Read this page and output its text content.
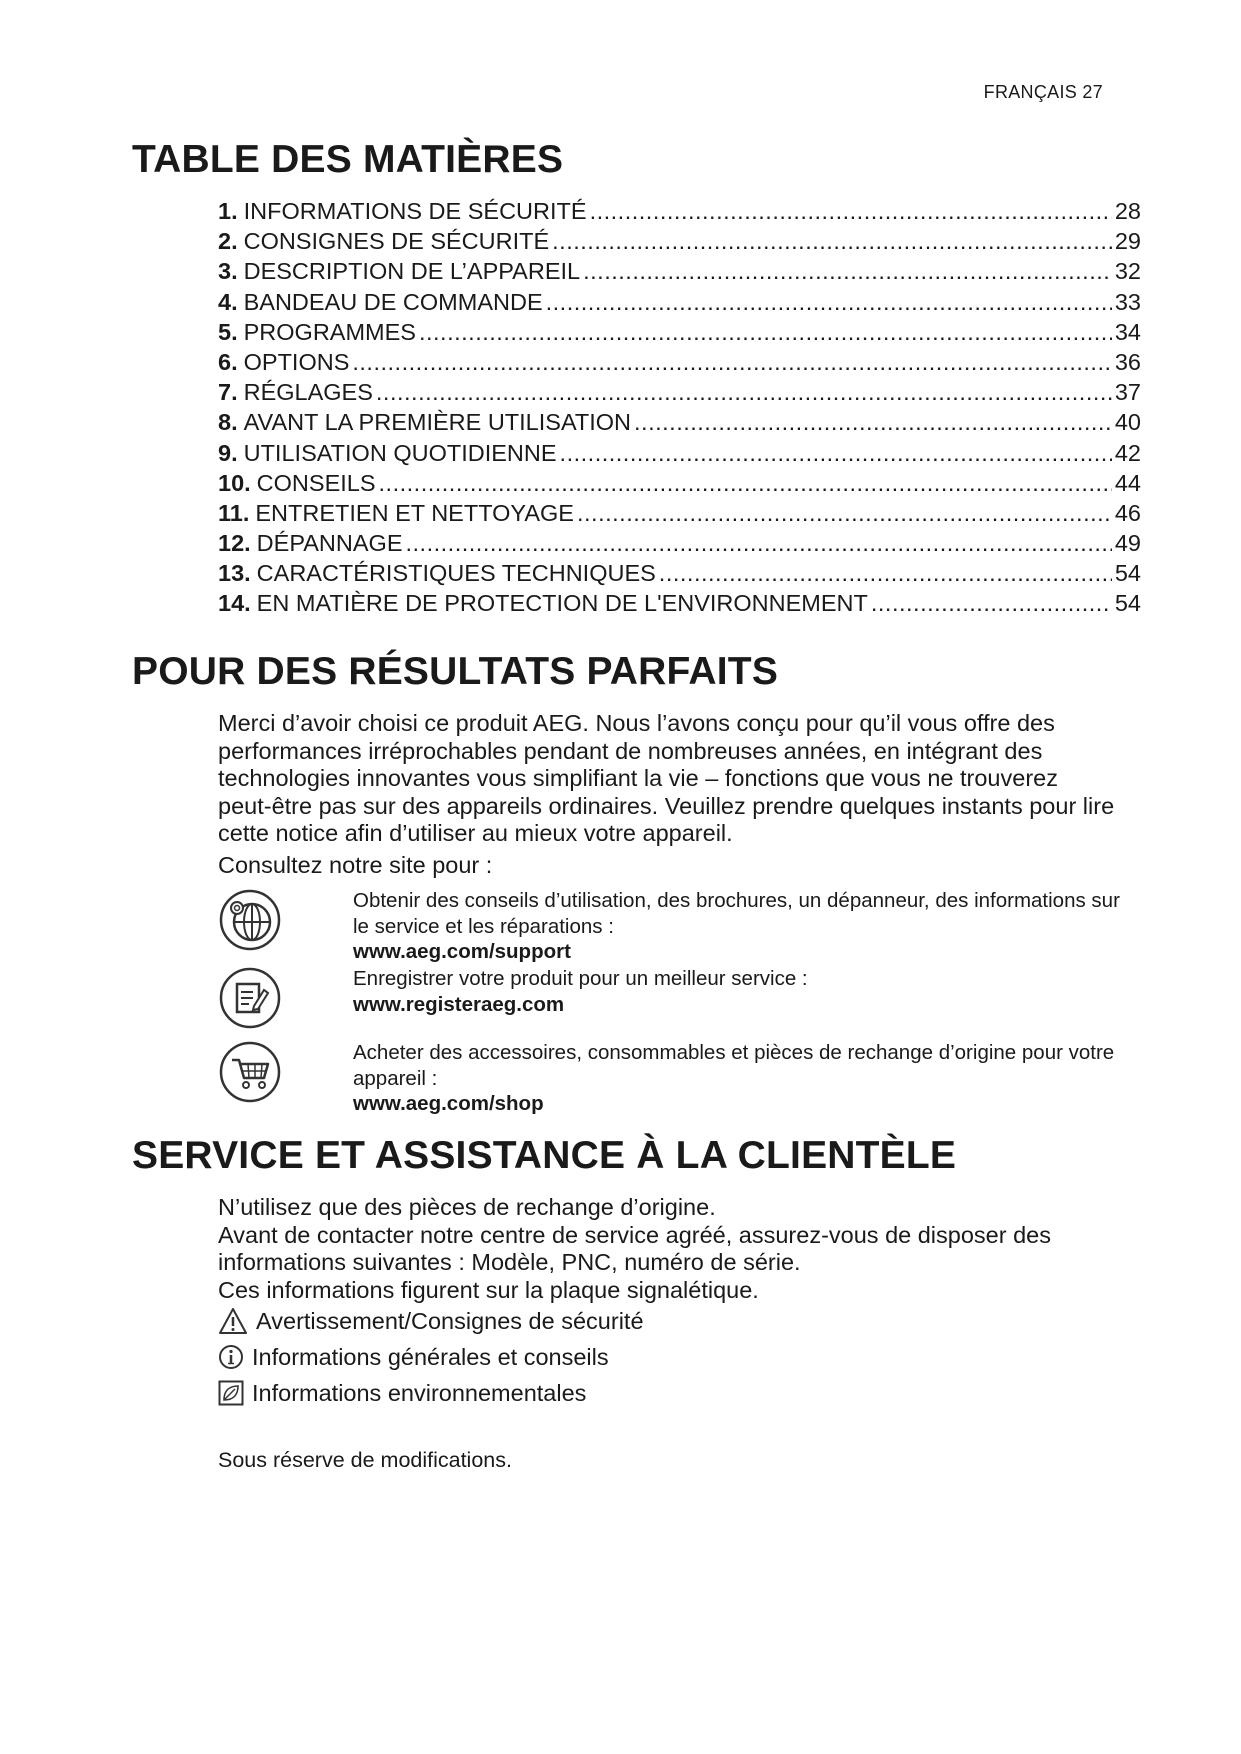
FRANÇAIS 27
TABLE DES MATIÈRES
1. INFORMATIONS DE SÉCURITÉ .....	28
2. CONSIGNES DE SÉCURITÉ .....	29
3. DESCRIPTION DE L’APPAREIL .....	32
4. BANDEAU DE COMMANDE .....	33
5. PROGRAMMES .....	34
6. OPTIONS .....	36
7. RÉGLAGES .....	37
8. AVANT LA PREMIÈRE UTILISATION .....	40
9. UTILISATION QUOTIDIENNE .....	42
10. CONSEILS .....	44
11. ENTRETIEN ET NETTOYAGE .....	46
12. DÉPANNAGE .....	49
13. CARACTÉRISTIQUES TECHNIQUES .....	54
14. EN MATIÈRE DE PROTECTION DE L'ENVIRONNEMENT .....	54
POUR DES RÉSULTATS PARFAITS

Merci d’avoir choisi ce produit AEG. Nous l’avons conçu pour qu’il vous offre des performances irréprochables pendant de nombreuses années, en intégrant des technologies innovantes vous simplifiant la vie – fonctions que vous ne trouverez peut-être pas sur des appareils ordinaires. Veuillez prendre quelques instants pour lire cette notice afin d’utiliser au mieux votre appareil.

Consultez notre site pour :

Obtenir des conseils d’utilisation, des brochures, un dépanneur, des informations sur le service et les réparations :
www.aeg.com/support
Enregistrer votre produit pour un meilleur service :
www.registeraeg.com
Acheter des accessoires, consommables et pièces de rechange d’origine pour votre appareil :
www.aeg.com/shop
SERVICE ET ASSISTANCE À LA CLIENTÈLE
N’utilisez que des pièces de rechange d’origine.
Avant de contacter notre centre de service agréé, assurez-vous de disposer des informations suivantes : Modèle, PNC, numéro de série.
Ces informations figurent sur la plaque signalétique.
Avertissement/Consignes de sécurité
Informations générales et conseils
Informations environnementales
Sous réserve de modifications.
